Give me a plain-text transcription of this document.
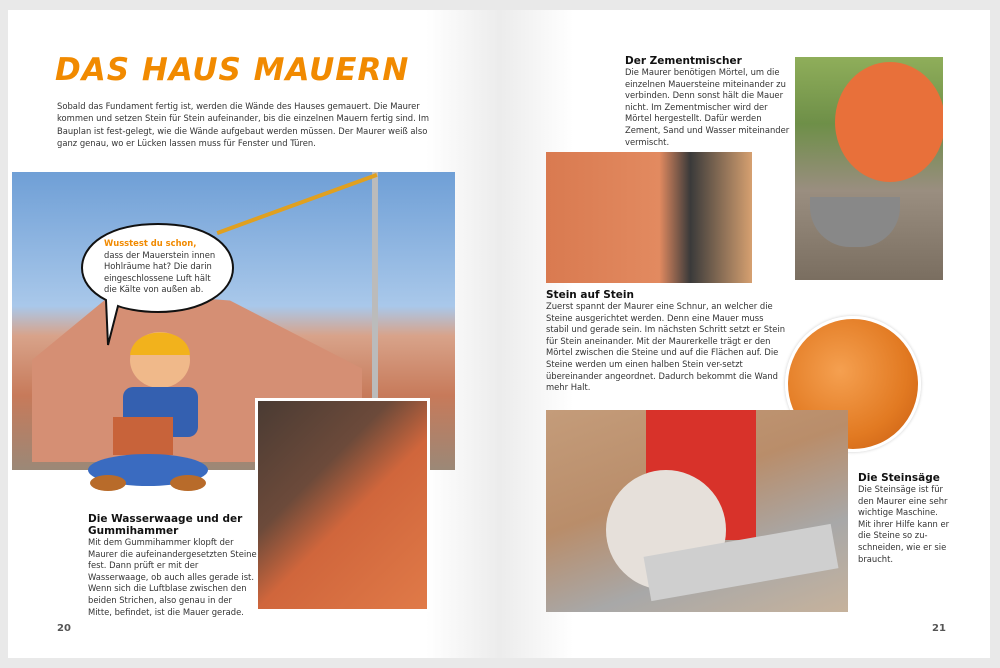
DAS HAUS MAUERN
Sobald das Fundament fertig ist, werden die Wände des Hauses gemauert. Die Maurer kommen und setzen Stein für Stein aufeinander, bis die einzelnen Mauern fertig sind. Im Bauplan ist fest-gelegt, wie die Wände aufgebaut werden müssen. Der Maurer weiß also ganz genau, wo er Lücken lassen muss für Fenster und Türen.
Wusstest du schon,
dass der Mauerstein innen Hohlräume hat? Die darin eingeschlossene Luft hält die Kälte von außen ab.
Die Wasserwaage und der Gummihammer
Mit dem Gummihammer klopft der Maurer die aufeinandergesetzten Steine fest. Dann prüft er mit der Wasserwaage, ob auch alles gerade ist. Wenn sich die Luftblase zwischen den beiden Strichen, also genau in der Mitte, befindet, ist die Mauer gerade.
20
Der Zementmischer
Die Maurer benötigen Mörtel, um die einzelnen Mauersteine miteinander zu verbinden. Denn sonst hält die Mauer nicht. Im Zementmischer wird der Mörtel hergestellt. Dafür werden Zement, Sand und Wasser miteinander vermischt.
Stein auf Stein
Zuerst spannt der Maurer eine Schnur, an welcher die Steine ausgerichtet werden. Denn eine Mauer muss stabil und gerade sein. Im nächsten Schritt setzt er Stein für Stein aneinander. Mit der Maurerkelle trägt er den Mörtel zwischen die Steine und auf die Flächen auf. Die Steine werden um einen halben Stein ver-setzt übereinander angeordnet. Dadurch bekommt die Wand mehr Halt.
Die Steinsäge
Die Steinsäge ist für den Maurer eine sehr wichtige Maschine. Mit ihrer Hilfe kann er die Steine so zu-schneiden, wie er sie braucht.
21
